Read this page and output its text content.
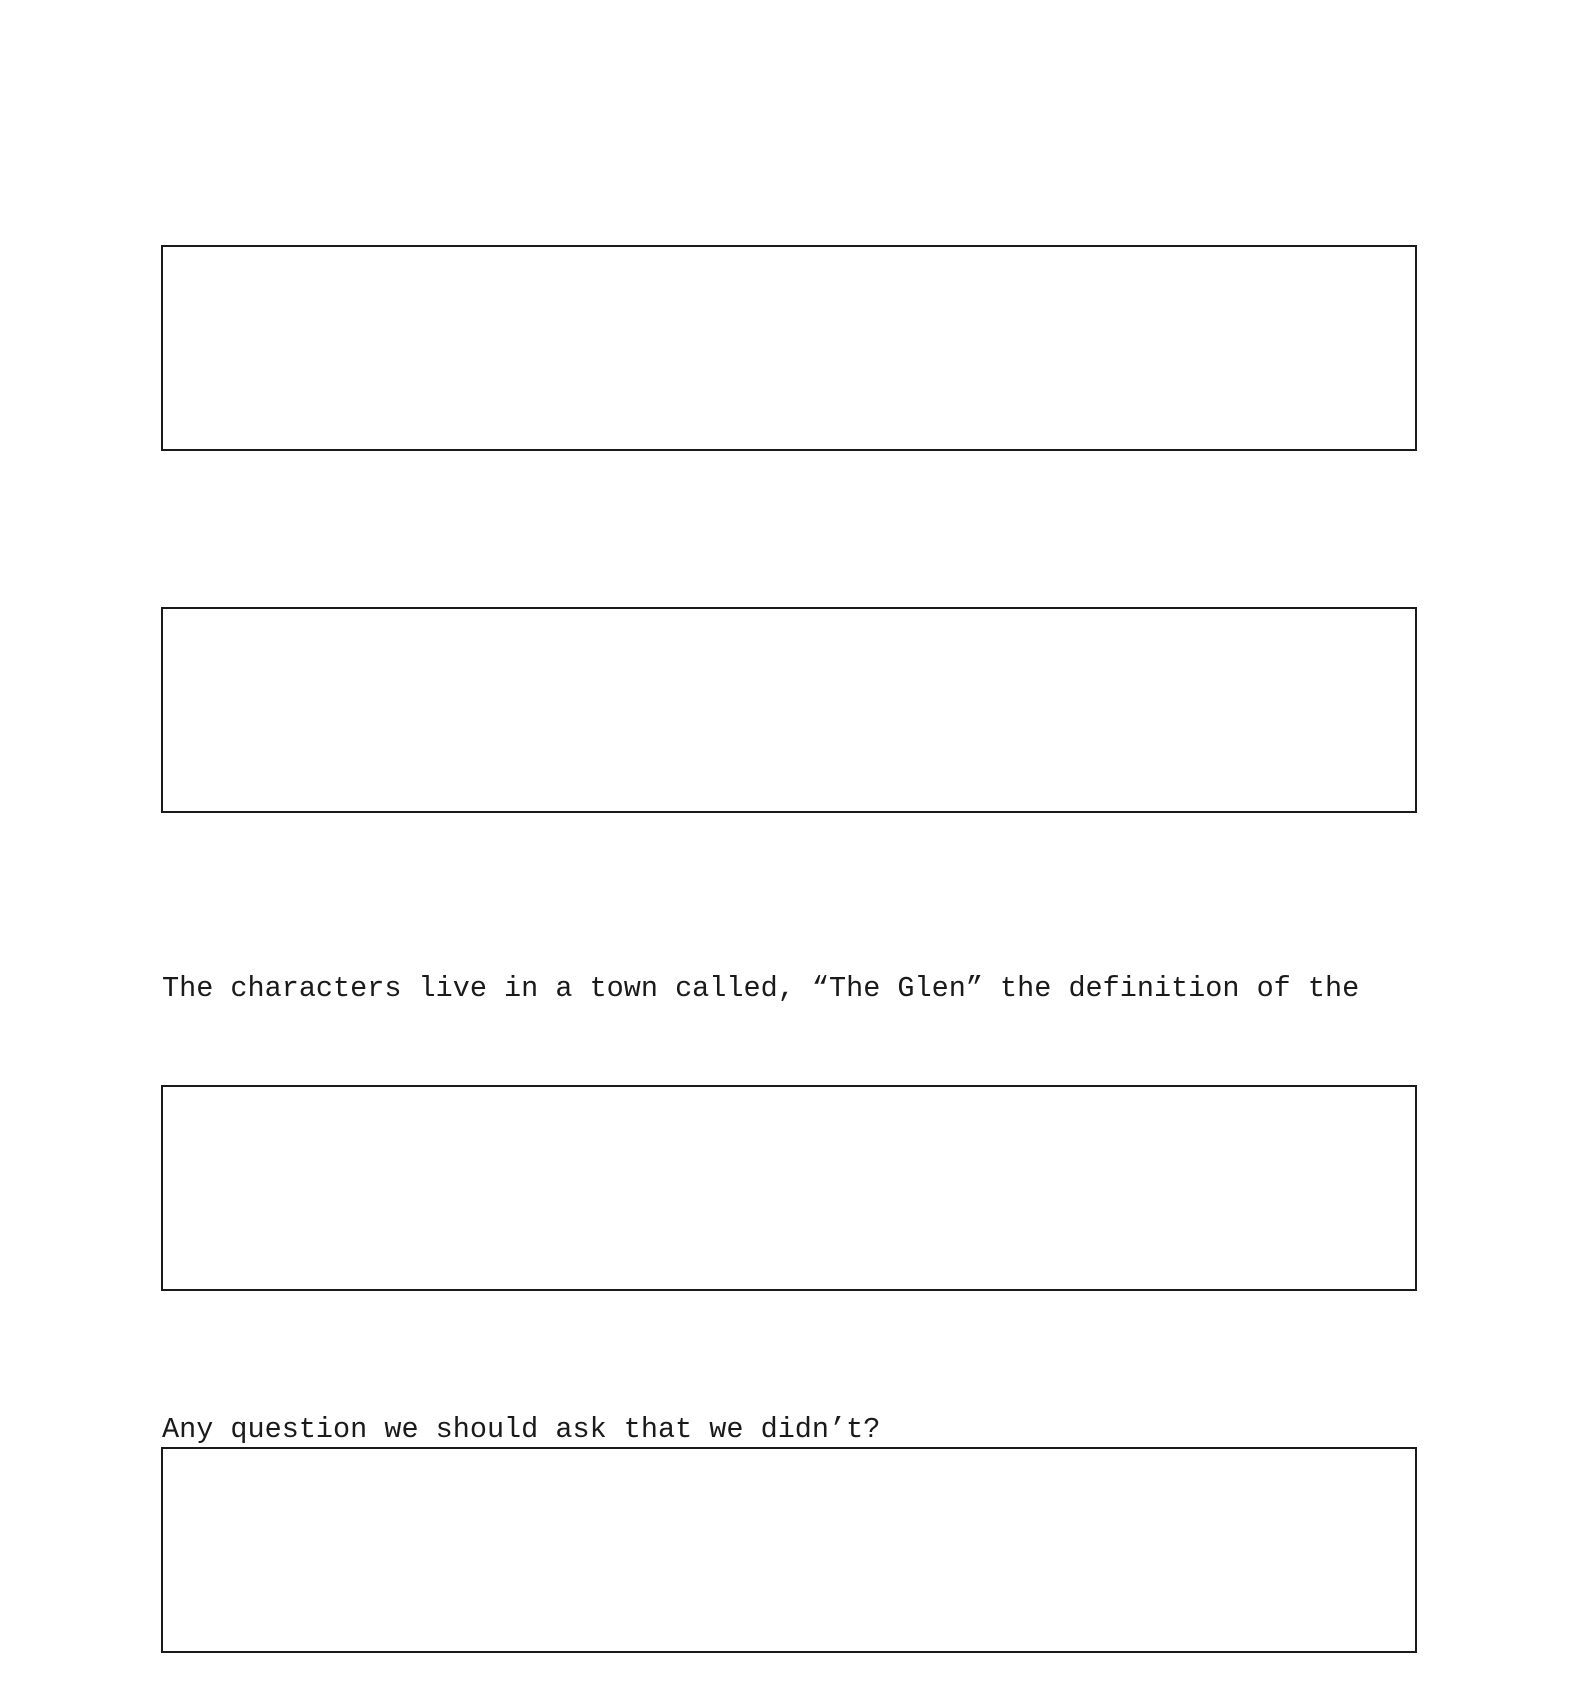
The characters live in a town called, “The Glen” the definition of the

Any question we should ask that we didn’t?
